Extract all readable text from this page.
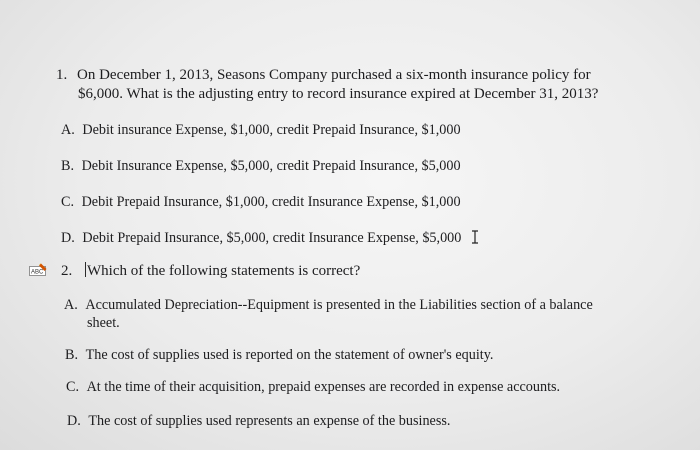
1. On December 1, 2013, Seasons Company purchased a six-month insurance policy for
$6,000. What is the adjusting entry to record insurance expired at December 31, 2013?
A. Debit insurance Expense, $1,000, credit Prepaid Insurance, $1,000
B. Debit Insurance Expense, $5,000, credit Prepaid Insurance, $5,000
C. Debit Prepaid Insurance, $1,000, credit Insurance Expense, $1,000
D. Debit Prepaid Insurance, $5,000, credit Insurance Expense, $5,000
ABC 2. Which of the following statements is correct?
A. Accumulated Depreciation--Equipment is presented in the Liabilities section of a balance
sheet.
B. The cost of supplies used is reported on the statement of owner's equity.
C. At the time of their acquisition, prepaid expenses are recorded in expense accounts.
D. The cost of supplies used represents an expense of the business.
